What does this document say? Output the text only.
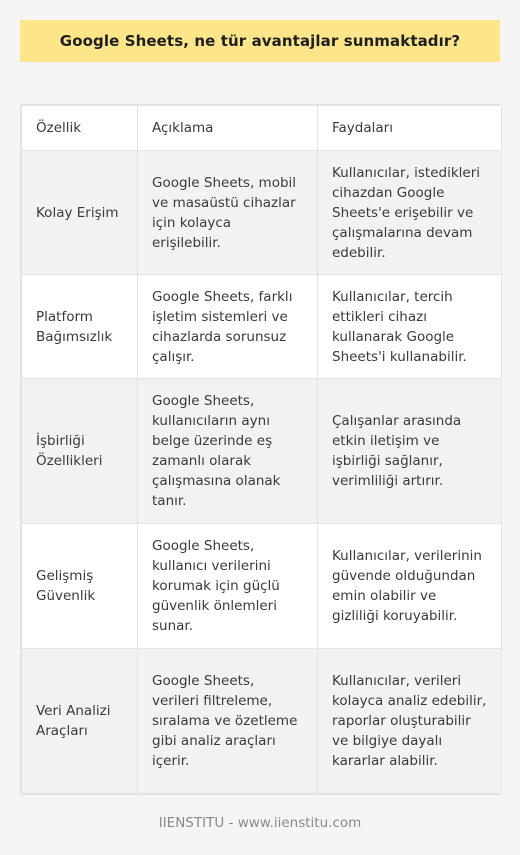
Google Sheets, ne tür avantajlar sunmaktadır?
Özellik	Açıklama	Faydaları
Kolay Erişim	Google Sheets, mobil ve masaüstü cihazlar için kolayca erişilebilir.	Kullanıcılar, istedikleri cihazdan Google Sheets'e erişebilir ve çalışmalarına devam edebilir.
Platform Bağımsızlık	Google Sheets, farklı işletim sistemleri ve cihazlarda sorunsuz çalışır.	Kullanıcılar, tercih ettikleri cihazı kullanarak Google Sheets'i kullanabilir.
İşbirliği Özellikleri	Google Sheets, kullanıcıların aynı belge üzerinde eş zamanlı olarak çalışmasına olanak tanır.	Çalışanlar arasında etkin iletişim ve işbirliği sağlanır, verimliliği artırır.
Gelişmiş Güvenlik	Google Sheets, kullanıcı verilerini korumak için güçlü güvenlik önlemleri sunar.	Kullanıcılar, verilerinin güvende olduğundan emin olabilir ve gizliliği koruyabilir.
Veri Analizi Araçları	Google Sheets, verileri filtreleme, sıralama ve özetleme gibi analiz araçları içerir.	Kullanıcılar, verileri kolayca analiz edebilir, raporlar oluşturabilir ve bilgiye dayalı kararlar alabilir.
IIENSTITU - www.iienstitu.com
